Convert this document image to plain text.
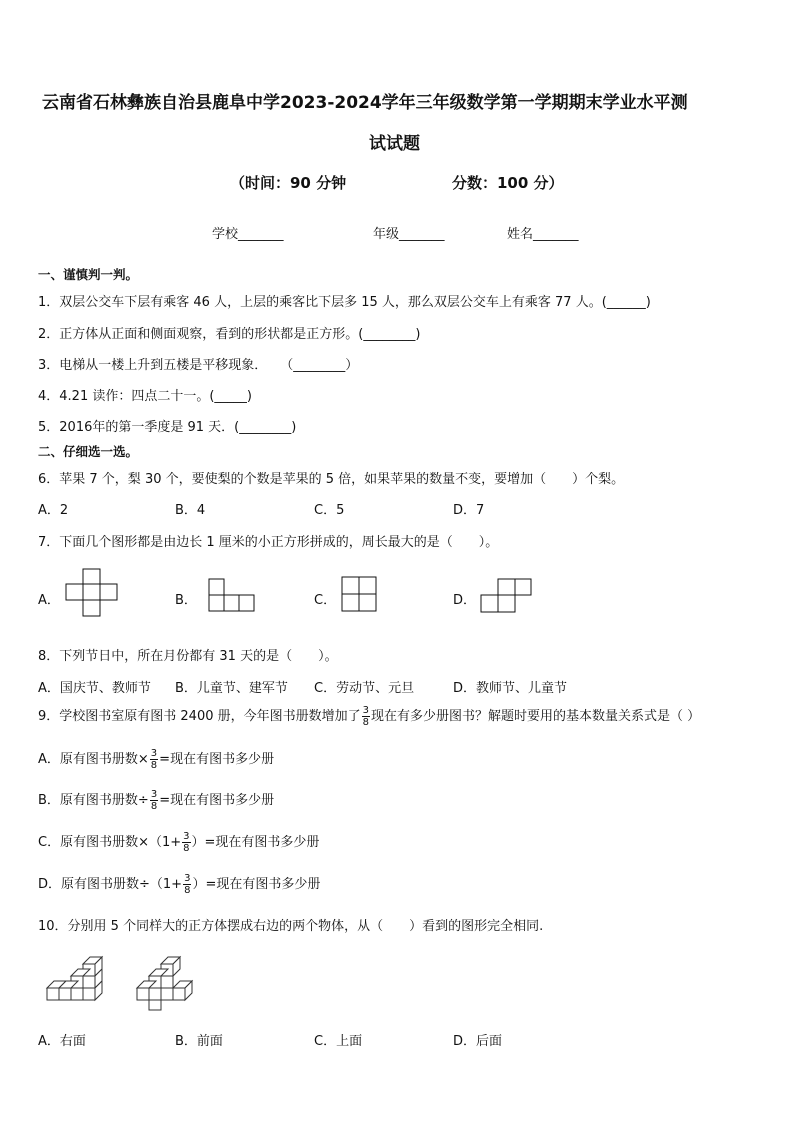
云南省石林彝族自治县鹿阜中学2023-2024学年三年级数学第一学期期末学业水平测
试试题
（时间：90 分钟	分数：100 分）
学校_______	年级_______	姓名_______
一、谨慎判一判。
1．双层公交车下层有乘客 46 人，上层的乘客比下层多 15 人，那么双层公交车上有乘客 77 人。(______)
2．正方体从正面和侧面观察，看到的形状都是正方形。(________)
3．电梯从一楼上升到五楼是平移现象．　　（________）
4．4.21 读作：四点二十一。(_____)
5．2016年的第一季度是 91 天．(________)
二、仔细选一选。
6．苹果 7 个，梨 30 个，要使梨的个数是苹果的 5 倍，如果苹果的数量不变，要增加（　　）个梨。
A．2	B．4	C．5	D．7
7．下面几个图形都是由边长 1 厘米的小正方形拼成的，周长最大的是（　　）。
A．	B．	C．	D．
8．下列节日中，所在月份都有 31 天的是（　　）。
A．国庆节、教师节 B．儿童节、建军节 C．劳动节、元旦	D．教师节、儿童节
9．学校图书室原有图书 2400 册，今年图书册数增加了 $\frac{3}{8}$ 现在有多少册图书？解题时要用的基本数量关系式是（ ）
A．原有图书册数× $\frac{3}{8}$ =现在有图书多少册
B．原有图书册数÷ $\frac{3}{8}$ =现在有图书多少册
C．原有图书册数$\times(1+ \frac{3}{8}$ ）=现在有图书多少册
D．原有图书册数$\div(1+ \frac{3}{8}$ ）=现在有图书多少册
10．分别用 5 个同样大的正方体摆成右边的两个物体，从（　　）看到的图形完全相同.
A．右面	B．前面	C．上面	D．后面
